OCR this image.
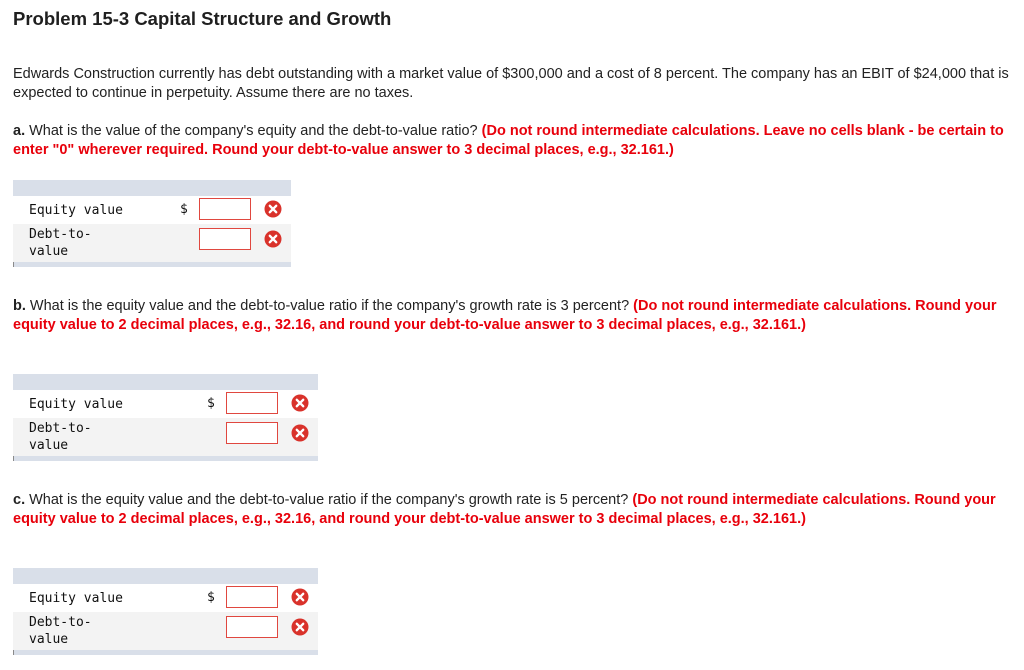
Problem 15-3 Capital Structure and Growth
Edwards Construction currently has debt outstanding with a market value of $300,000 and a cost of 8 percent. The company has an EBIT of $24,000 that is expected to continue in perpetuity. Assume there are no taxes.
a. What is the value of the company's equity and the debt-to-value ratio? (Do not round intermediate calculations. Leave no cells blank - be certain to enter "0" wherever required. Round your debt-to-value answer to 3 decimal places, e.g., 32.161.)
Equity value	$
Debt-to-
value
b. What is the equity value and the debt-to-value ratio if the company's growth rate is 3 percent? (Do not round intermediate calculations. Round your equity value to 2 decimal places, e.g., 32.16, and round your debt-to-value answer to 3 decimal places, e.g., 32.161.)
Equity value	$
Debt-to-
value
c. What is the equity value and the debt-to-value ratio if the company's growth rate is 5 percent? (Do not round intermediate calculations. Round your equity value to 2 decimal places, e.g., 32.16, and round your debt-to-value answer to 3 decimal places, e.g., 32.161.)
Equity value	$
Debt-to-
value
